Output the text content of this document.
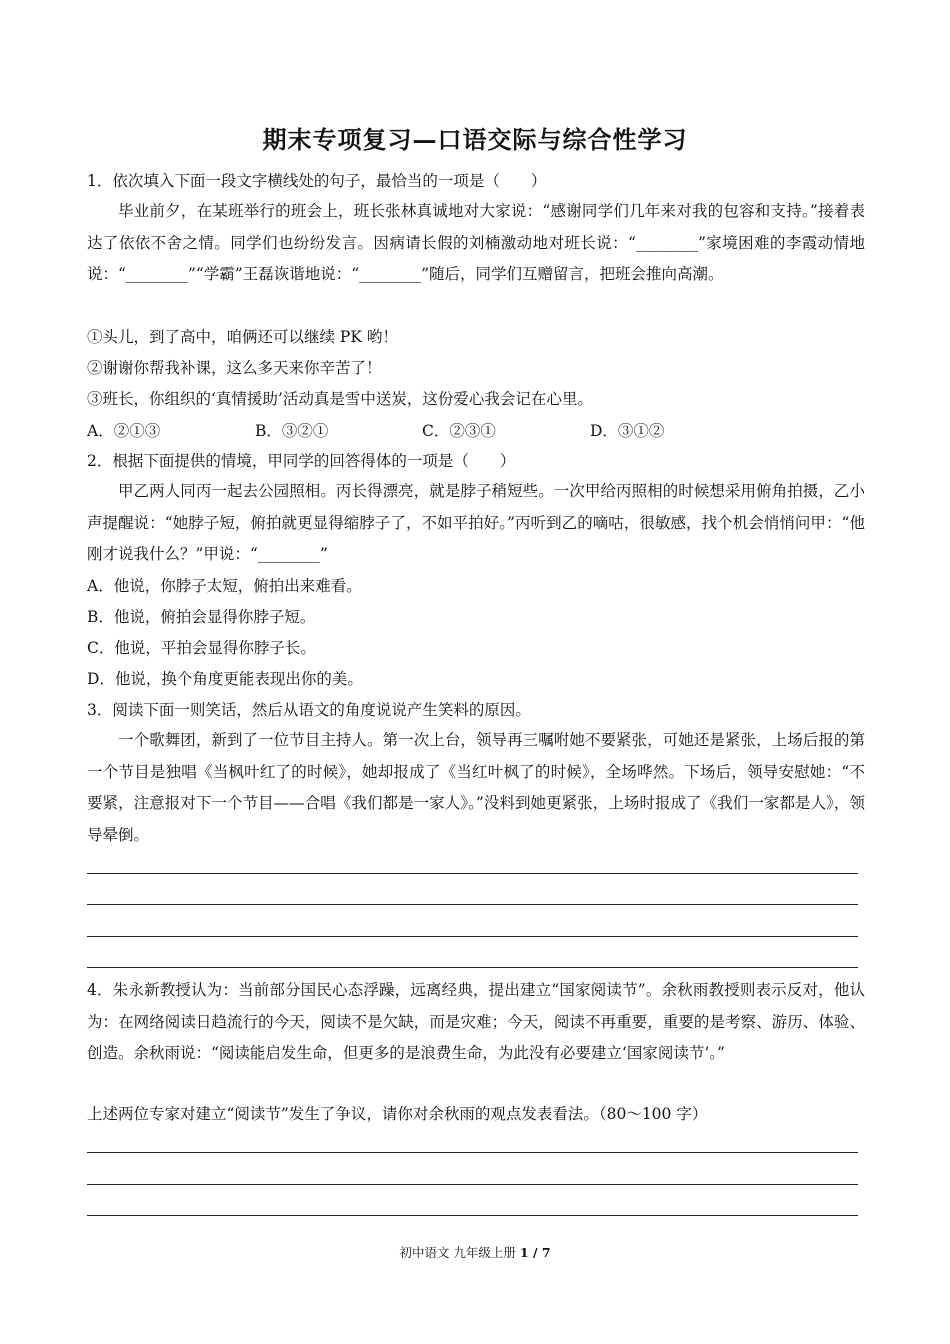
期末专项复习—口语交际与综合性学习
1．依次填入下面一段文字横线处的句子，最恰当的一项是（　　）
毕业前夕，在某班举行的班会上，班长张林真诚地对大家说：“感谢同学们几年来对我的包容和支持。”接着表达了依依不舍之情。同学们也纷纷发言。因病请长假的刘楠激动地对班长说：“________”家境困难的李霞动情地说：“________”“学霸”王磊诙谐地说：“________”随后，同学们互赠留言，把班会推向高潮。
①头儿，到了高中，咱俩还可以继续 PK 哟！
②谢谢你帮我补课，这么多天来你辛苦了！
③班长，你组织的‘真情援助’活动真是雪中送炭，这份爱心我会记在心里。
A．②①③	B．③②①	C．②③①	D．③①②
2．根据下面提供的情境，甲同学的回答得体的一项是（　　）
甲乙两人同丙一起去公园照相。丙长得漂亮，就是脖子稍短些。一次甲给丙照相的时候想采用俯角拍摄，乙小声提醒说：“她脖子短，俯拍就更显得缩脖子了，不如平拍好。”丙听到乙的嘀咕，很敏感，找个机会悄悄问甲：“他刚才说我什么？”甲说：“________”
A．他说，你脖子太短，俯拍出来难看。
B．他说，俯拍会显得你脖子短。
C．他说，平拍会显得你脖子长。
D．他说，换个角度更能表现出你的美。
3．阅读下面一则笑话，然后从语文的角度说说产生笑料的原因。
一个歌舞团，新到了一位节目主持人。第一次上台，领导再三嘱咐她不要紧张，可她还是紧张，上场后报的第一个节目是独唱《当枫叶红了的时候》，她却报成了《当红叶枫了的时候》，全场哗然。下场后，领导安慰她：“不要紧，注意报对下一个节目——合唱《我们都是一家人》。”没料到她更紧张，上场时报成了《我们一家都是人》，领导晕倒。
4．朱永新教授认为：当前部分国民心态浮躁，远离经典，提出建立“国家阅读节”。余秋雨教授则表示反对，他认为：在网络阅读日趋流行的今天，阅读不是欠缺，而是灾难；今天，阅读不再重要，重要的是考察、游历、体验、创造。余秋雨说：“阅读能启发生命，但更多的是浪费生命，为此没有必要建立‘国家阅读节’。”
上述两位专家对建立“阅读节”发生了争议，请你对余秋雨的观点发表看法。（80～100 字）
初中语文 九年级上册 1 / 7
